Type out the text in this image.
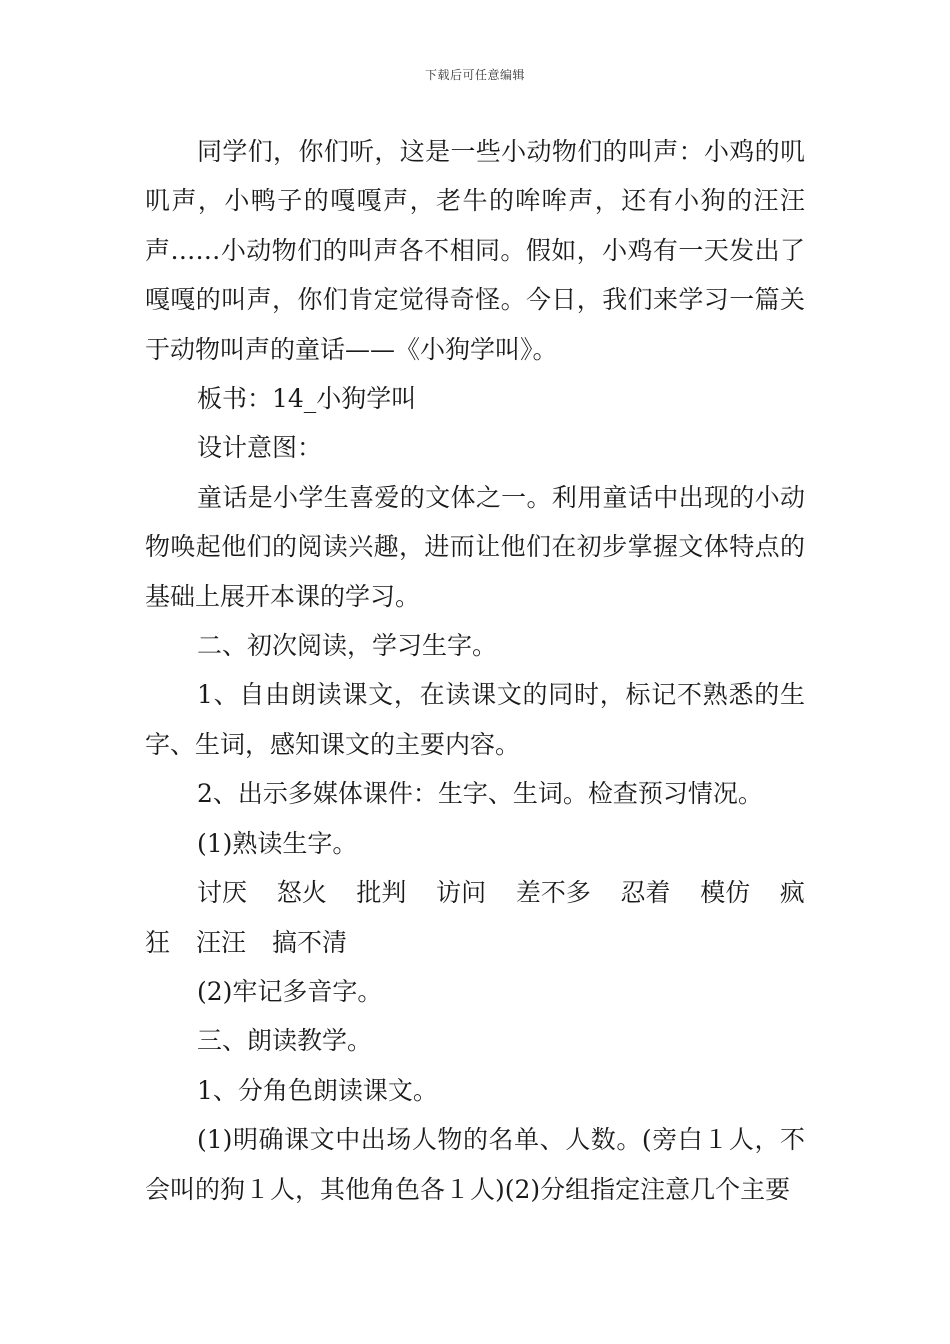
下载后可任意编辑

同学们，你们听，这是一些小动物们的叫声：小鸡的叽叽声，小鸭子的嘎嘎声，老牛的哞哞声，还有小狗的汪汪声……小动物们的叫声各不相同。假如，小鸡有一天发出了嘎嘎的叫声，你们肯定觉得奇怪。今日，我们来学习一篇关于动物叫声的童话——《小狗学叫》。

板书：14_小狗学叫

设计意图：

童话是小学生喜爱的文体之一。利用童话中出现的小动物唤起他们的阅读兴趣，进而让他们在初步掌握文体特点的基础上展开本课的学习。

二、初次阅读，学习生字。

1、自由朗读课文，在读课文的同时，标记不熟悉的生字、生词，感知课文的主要内容。

2、出示多媒体课件：生字、生词。检查预习情况。

(1)熟读生字。

讨厌 怒火 批判 访问 差不多 忍着 模仿 疯
狂 汪汪 搞不清

(2)牢记多音字。

三、朗读教学。

1、分角色朗读课文。

(1)明确课文中出场人物的名单、人数。(旁白１人，不会叫的狗１人，其他角色各１人)(2)分组指定注意几个主要
